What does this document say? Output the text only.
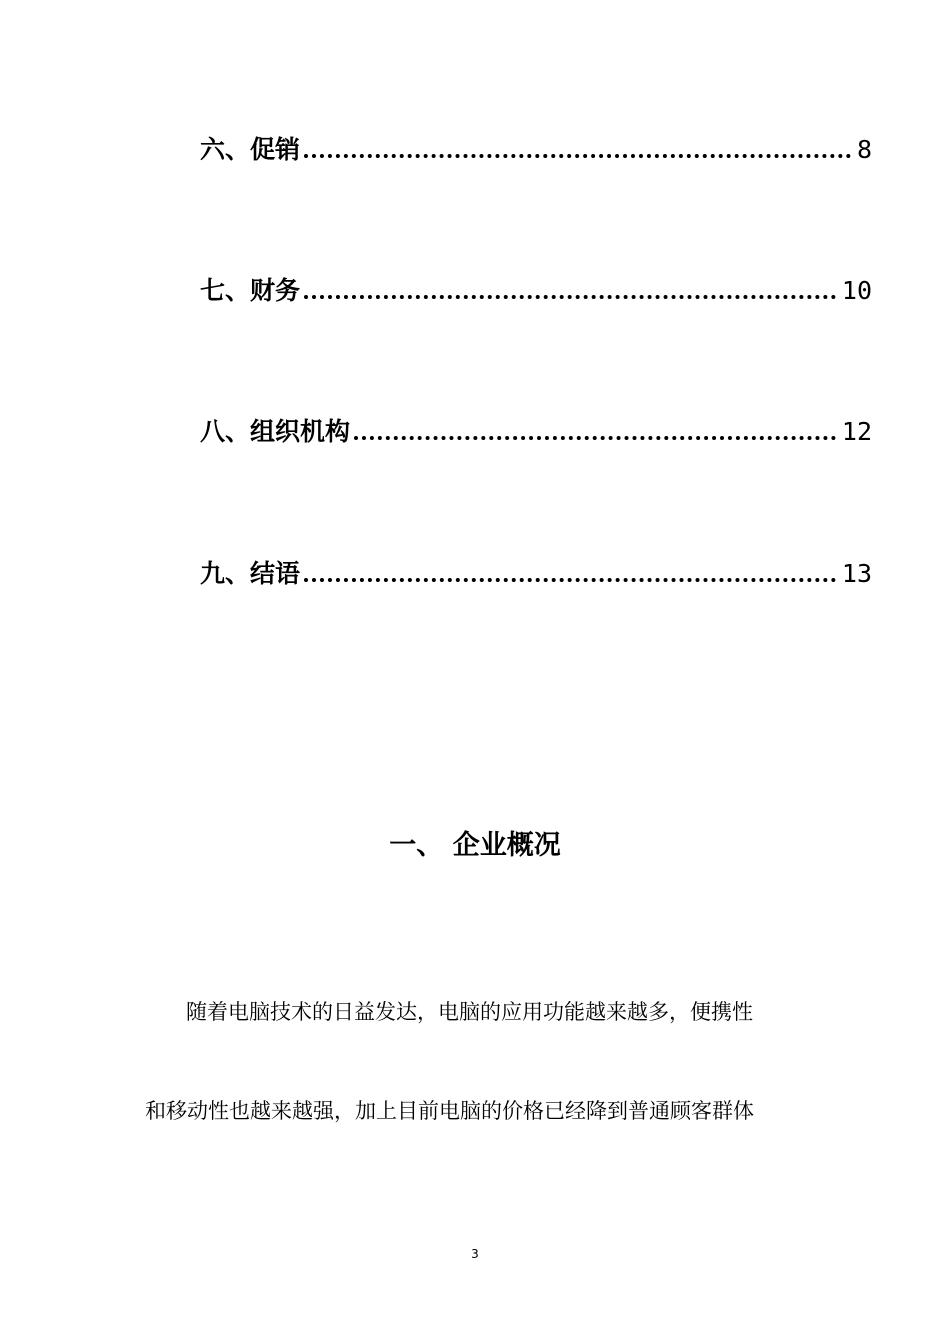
六、促销	8
七、财务	10
八、组织机构	12
九、结语	13
一、 企业概况
随着电脑技术的日益发达，电脑的应用功能越来越多，便携性
和移动性也越来越强，加上目前电脑的价格已经降到普通顾客群体
3
